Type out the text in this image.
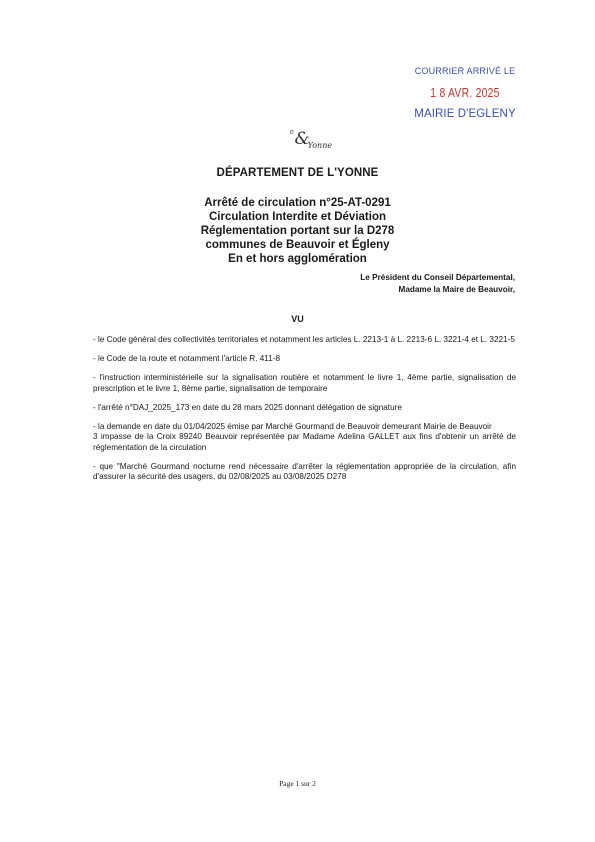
COURRIER ARRIVÉ LE
1 8 AVR. 2025
MAIRIE D'EGLENY
ﾟ$\&_{Yonne}$
DÉPARTEMENT DE L'YONNE
Arrêté de circulation n°25-AT-0291
Circulation Interdite et Déviation
Réglementation portant sur la D278
communes de Beauvoir et Égleny
En et hors agglomération
Le Président du Conseil Départemental,
Madame la Maire de Beauvoir,
VU

- le Code général des collectivités territoriales et notamment les articles L. 2213-1 à L. 2213-6 L. 3221-4 et L. 3221-5

- le Code de la route et notamment l'article R. 411-8

- l'instruction interministérielle sur la signalisation routière et notamment le livre 1, 4ème partie, signalisation de prescription et le livre 1, 8ème partie, signalisation de temporaire

- l'arrêté n°DAJ_2025_173 en date du 28 mars 2025 donnant délégation de signature

- la demande en date du 01/04/2025 émise par Marché Gourmand de Beauvoir demeurant Mairie de Beauvoir
3 impasse de la Croix 89240 Beauvoir représentée par Madame Adelina GALLET aux fins d'obtenir un arrêté de réglementation de la circulation

- que "Marché Gourmand nocturne rend nécessaire d'arrêter la réglementation appropriée de la circulation, afin d'assurer la sécurité des usagers, du 02/08/2025 au 03/08/2025 D278

Page 1 sur 2
